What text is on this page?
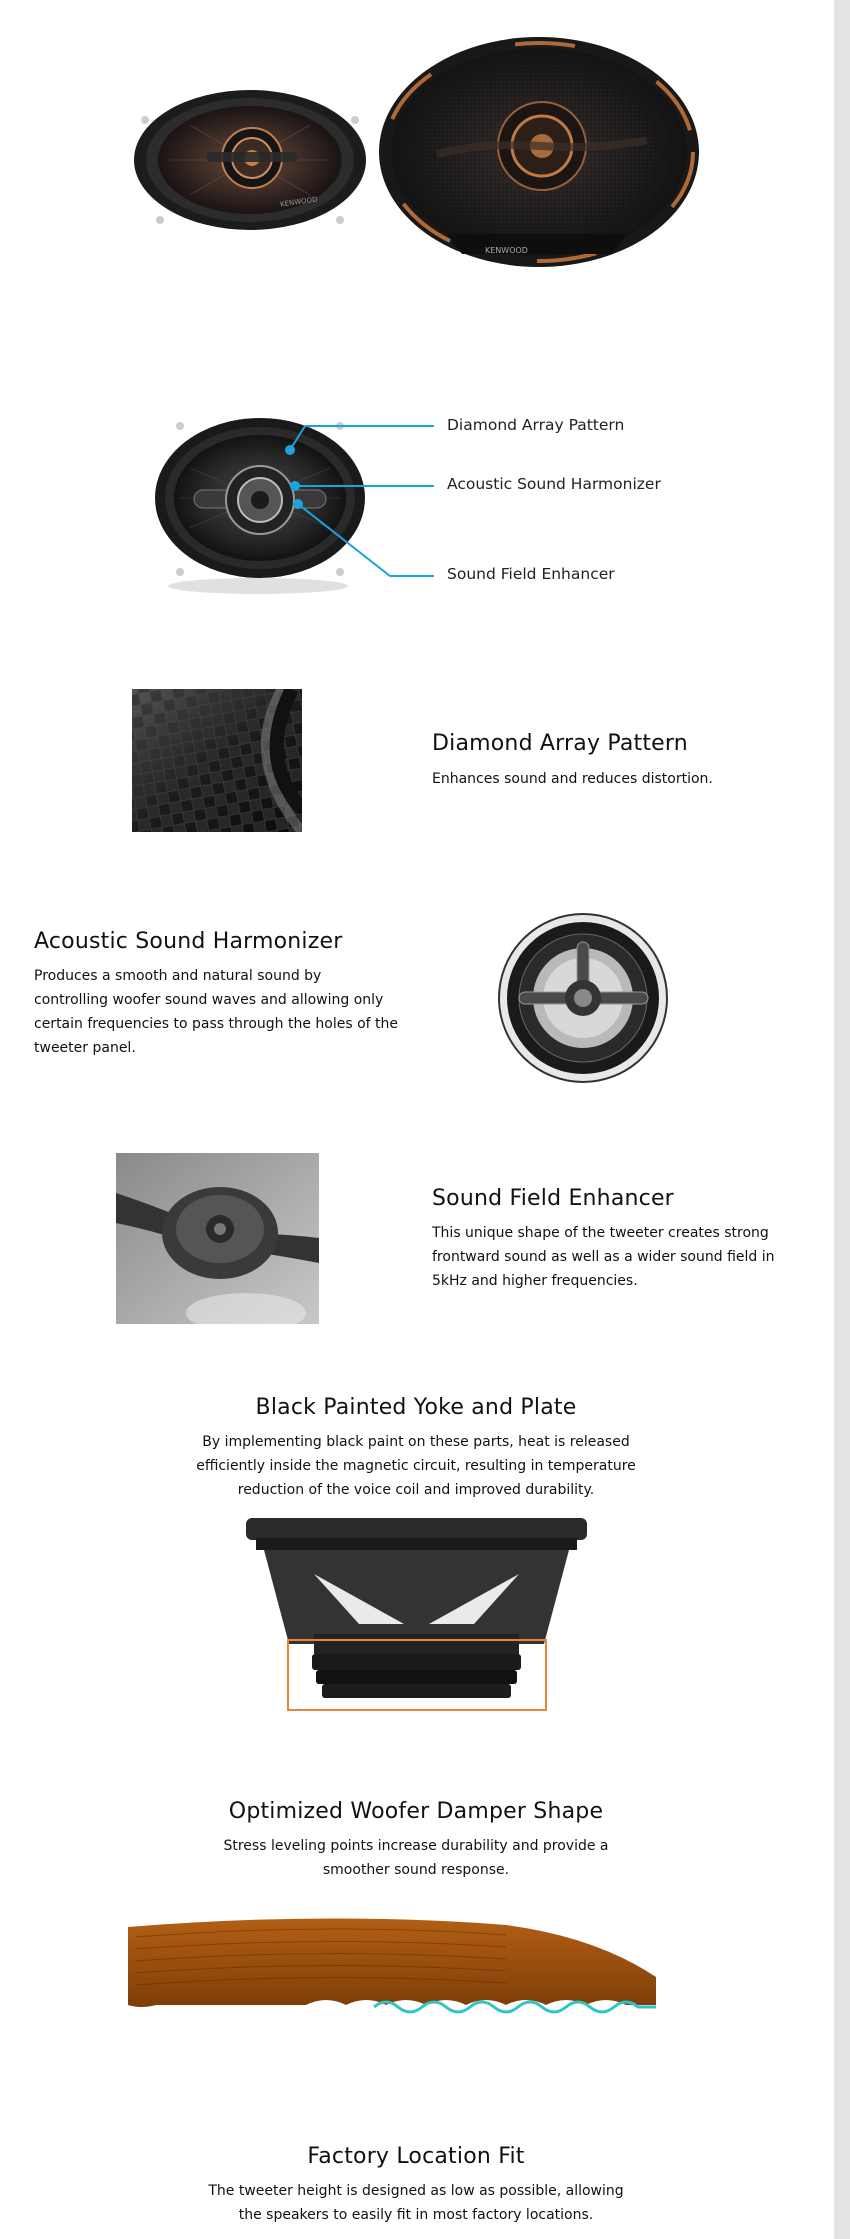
KENWOOD
KENWOOD
Diamond Array Pattern
Acoustic Sound Harmonizer
Sound Field Enhancer
Diamond Array Pattern

Enhances sound and reduces distortion.

Acoustic Sound Harmonizer

Produces a smooth and natural sound by controlling woofer sound waves and allowing only certain frequencies to pass through the holes of the tweeter panel.

Sound Field Enhancer

This unique shape of the tweeter creates strong frontward sound as well as a wider sound field in 5kHz and higher frequencies.

Black Painted Yoke and Plate

By implementing black paint on these parts, heat is released efficiently inside the magnetic circuit, resulting in temperature reduction of the voice coil and improved durability.

Optimized Woofer Damper Shape

Stress leveling points increase durability and provide a smoother sound response.

Factory Location Fit

The tweeter height is designed as low as possible, allowing the speakers to easily fit in most factory locations.
